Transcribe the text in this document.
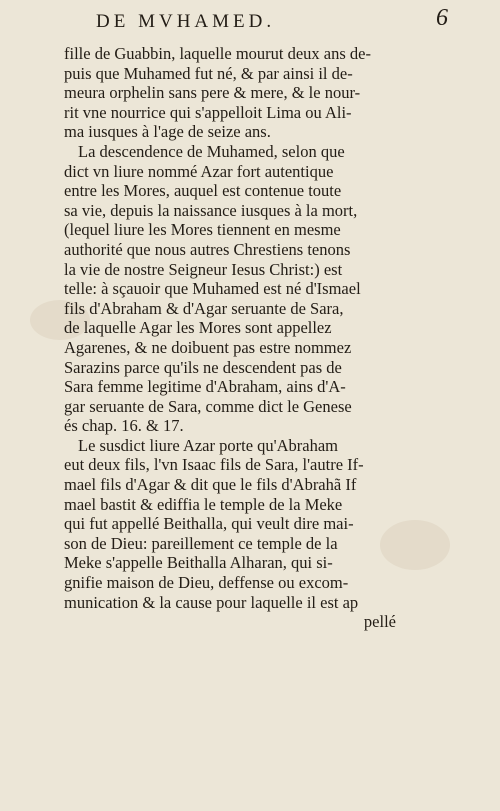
DE MVHAMED.	6
fille de Guabbin, laquelle mourut deux ans de-
puis que Muhamed fut né, & par ainsi il de-
meura orphelin sans pere & mere, & le nour-
rit vne nourrice qui s'appelloit Lima ou Ali-
ma iusques à l'age de seize ans.
La descendence de Muhamed, selon que
dict vn liure nommé Azar fort autentique
entre les Mores, auquel est contenue toute
sa vie, depuis la naissance iusques à la mort,
(lequel liure les Mores tiennent en mesme
authorité que nous autres Chrestiens tenons
la vie de nostre Seigneur Iesus Christ:) est
telle: à sçauoir que Muhamed est né d'Ismael
fils d'Abraham & d'Agar seruante de Sara,
de laquelle Agar les Mores sont appellez
Agarenes, & ne doibuent pas estre nommez
Sarazins parce qu'ils ne descendent pas de
Sara femme legitime d'Abraham, ains d'A-
gar seruante de Sara, comme dict le Genese
és chap. 16. & 17.
Le susdict liure Azar porte qu'Abraham
eut deux fils, l'vn Isaac fils de Sara, l'autre If-
mael fils d'Agar & dit que le fils d'Abrahã If
mael bastit & ediffia le temple de la Meke
qui fut appellé Beithalla, qui veult dire mai-
son de Dieu: pareillement ce temple de la
Meke s'appelle Beithalla Alharan, qui si-
gnifie maison de Dieu, deffense ou excom-
munication & la cause pour laquelle il est ap
pellé
